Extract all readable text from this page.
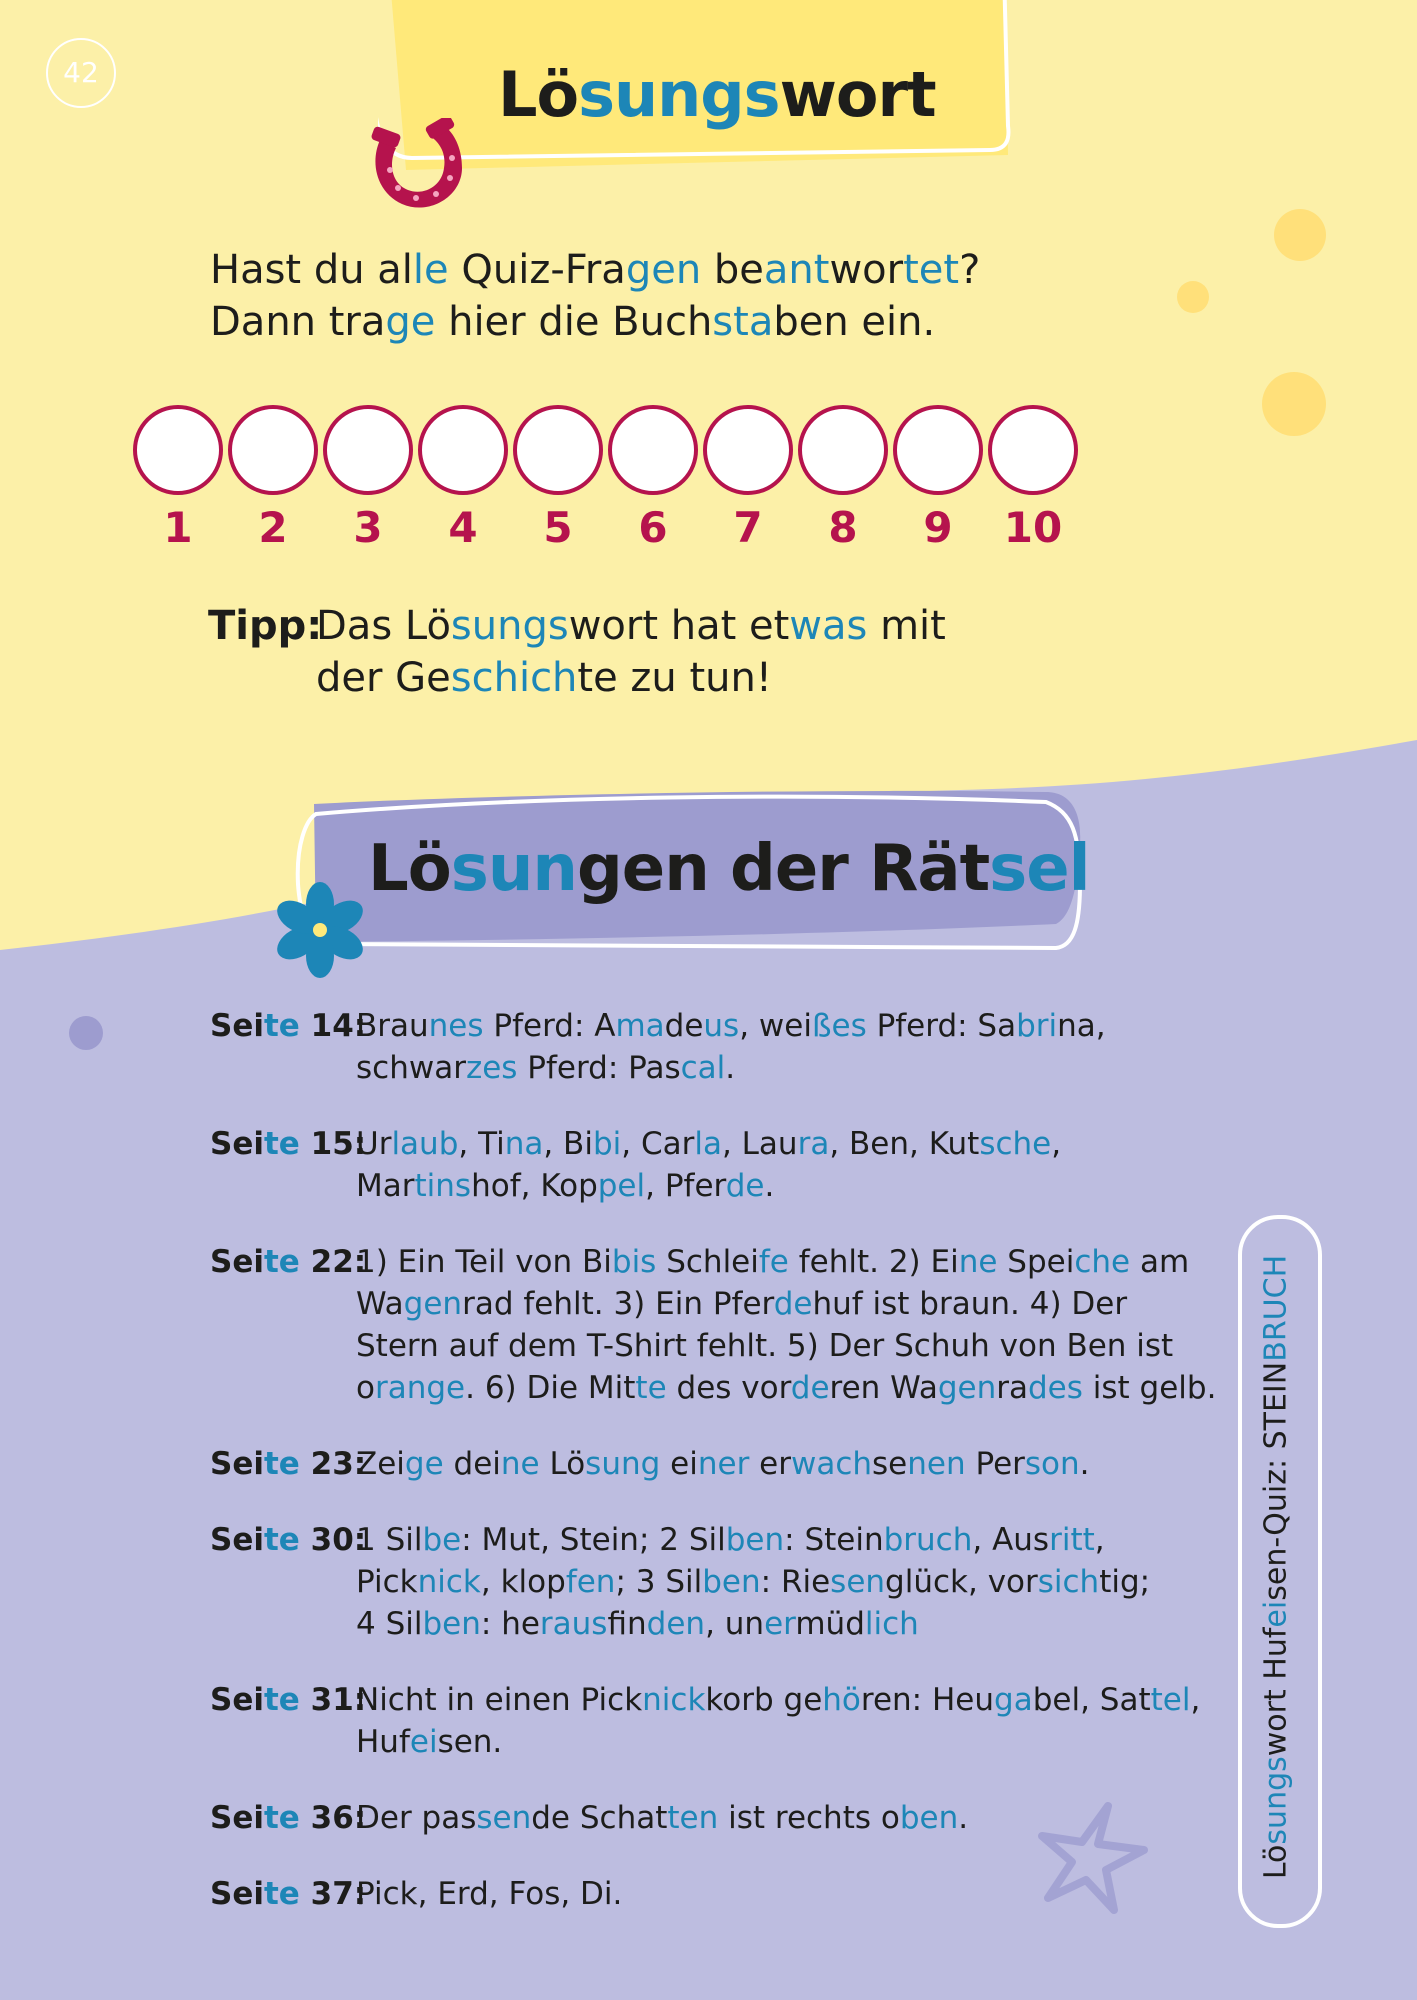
42	Lösungswort
Hast du alle Quiz-Fragen beantwortet?
Dann trage hier die Buchstaben ein.
1	2	3	4	5	6	7	8	9	10
Tipp:Das Lösungswort hat etwas mit
der Geschichte zu tun!
Lösungen der Rätsel
Seite 14:
Braunes Pferd: Amadeus, weißes Pferd: Sabrina,
schwarzes Pferd: Pascal.
Seite 15:
Urlaub, Tina, Bibi, Carla, Laura, Ben, Kutsche,
Martinshof, Koppel, Pferde.
Seite 22:
1) Ein Teil von Bibis Schleife fehlt. 2) Eine Speiche am
Wagenrad fehlt. 3) Ein Pferdehuf ist braun. 4) Der
Stern auf dem T-Shirt fehlt. 5) Der Schuh von Ben ist
orange. 6) Die Mitte des vorderen Wagenrades ist gelb.
Seite 23:
Zeige deine Lösung einer erwachsenen Person.
Seite 30:
1 Silbe: Mut, Stein; 2 Silben: Steinbruch, Ausritt,
Picknick, klopfen; 3 Silben: Riesenglück, vorsichtig;
4 Silben: herausfinden, unermüdlich
Seite 31:
Nicht in einen Picknickkorb gehören: Heugabel, Sattel,
Hufeisen.
Seite 36:
Der passende Schatten ist rechts oben.
Seite 37:
Pick, Erd, Fos, Di.
Lösungswort Hufeisen-Quiz: STEINBRUCH
